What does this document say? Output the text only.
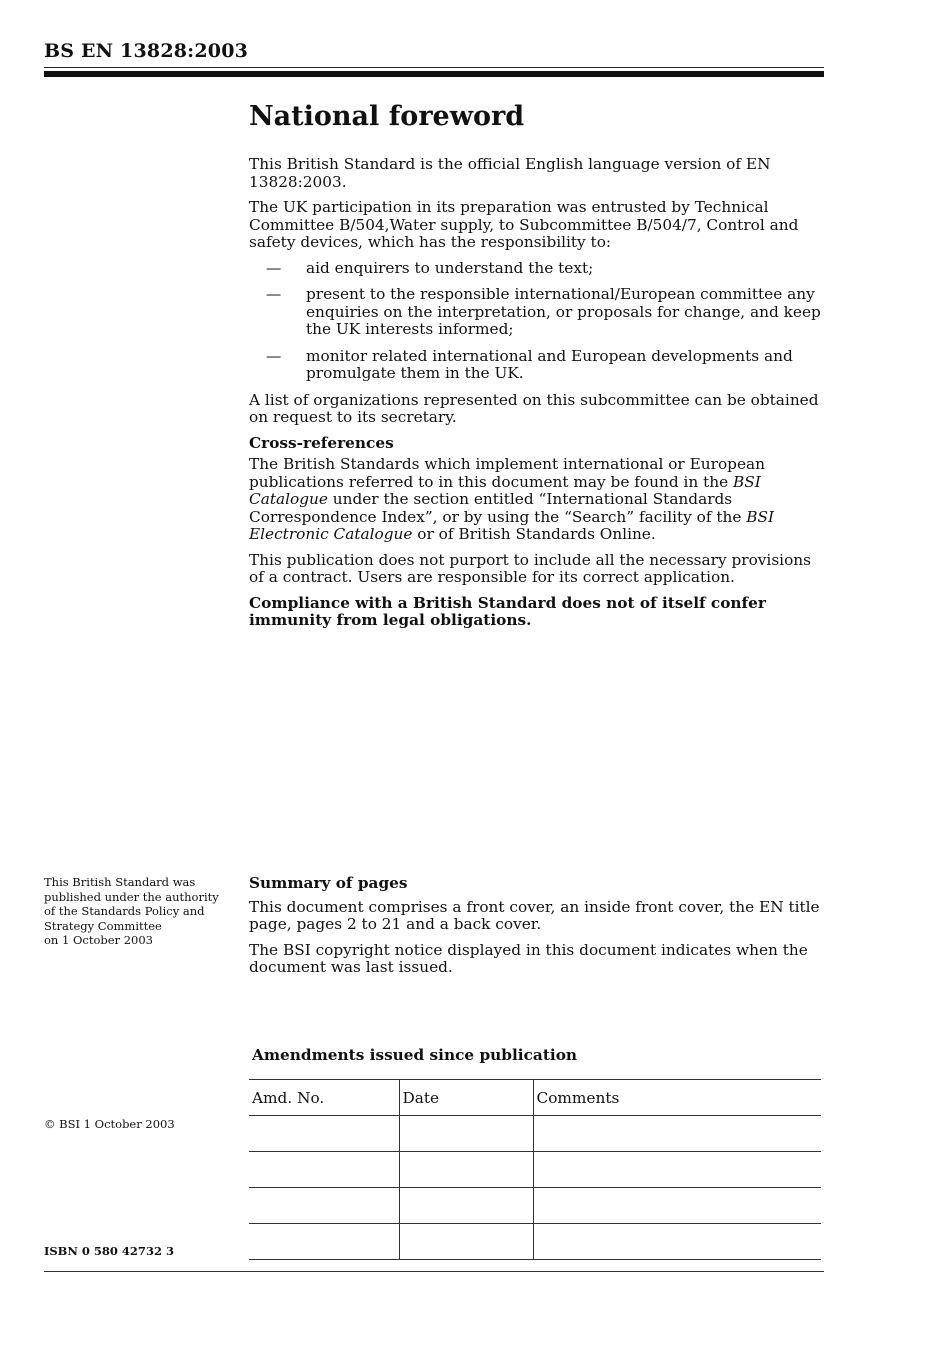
BS EN 13828:2003
National foreword

This British Standard is the official English language version of EN 13828:2003.

The UK participation in its preparation was entrusted by Technical Committee B/504,Water supply, to Subcommittee B/504/7, Control and safety devices, which has the responsibility to:

—	aid enquirers to understand the text;
—	present to the responsible international/European committee any enquiries on the interpretation, or proposals for change, and keep the UK interests informed;
—	monitor related international and European developments and promulgate them in the UK.

A list of organizations represented on this subcommittee can be obtained on request to its secretary.

Cross-references

The British Standards which implement international or European publications referred to in this document may be found in the BSI Catalogue under the section entitled “International Standards Correspondence Index”, or by using the “Search” facility of the BSI Electronic Catalogue or of British Standards Online.

This publication does not purport to include all the necessary provisions of a contract. Users are responsible for its correct application.

Compliance with a British Standard does not of itself confer immunity from legal obligations.

This British Standard was
published under the authority
of the Standards Policy and
Strategy Committee
on 1 October 2003
Summary of pages

This document comprises a front cover, an inside front cover, the EN title page, pages 2 to 21 and a back cover.

The BSI copyright notice displayed in this document indicates when the document was last issued.

Amendments issued since publication
Amd. No.	Date	Comments

© BSI 1 October 2003
ISBN 0 580 42732 3
